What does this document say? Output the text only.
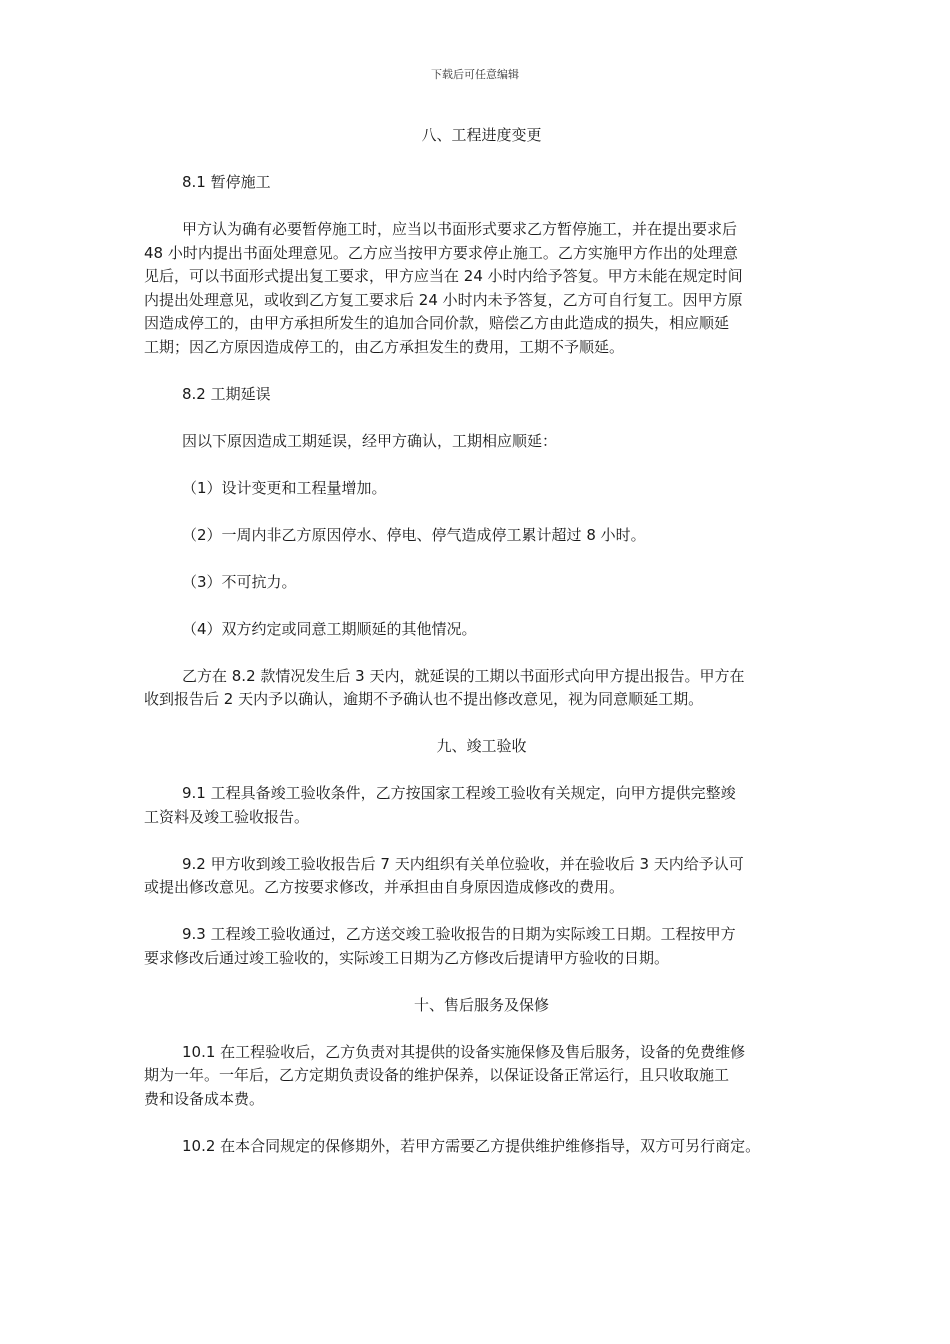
下载后可任意编辑

八、工程进度变更

8.1 暂停施工

甲方认为确有必要暂停施工时，应当以书面形式要求乙方暂停施工，并在提出要求后

48 小时内提出书面处理意见。乙方应当按甲方要求停止施工。乙方实施甲方作出的处理意

见后，可以书面形式提出复工要求，甲方应当在 24 小时内给予答复。甲方未能在规定时间

内提出处理意见，或收到乙方复工要求后 24 小时内未予答复，乙方可自行复工。因甲方原

因造成停工的，由甲方承担所发生的追加合同价款，赔偿乙方由此造成的损失，相应顺延

工期；因乙方原因造成停工的，由乙方承担发生的费用，工期不予顺延。

8.2 工期延误

因以下原因造成工期延误，经甲方确认，工期相应顺延：

（1）设计变更和工程量增加。

（2）一周内非乙方原因停水、停电、停气造成停工累计超过 8 小时。

（3）不可抗力。

（4）双方约定或同意工期顺延的其他情况。

乙方在 8.2 款情况发生后 3 天内，就延误的工期以书面形式向甲方提出报告。甲方在

收到报告后 2 天内予以确认，逾期不予确认也不提出修改意见，视为同意顺延工期。

九、竣工验收

9.1 工程具备竣工验收条件，乙方按国家工程竣工验收有关规定，向甲方提供完整竣

工资料及竣工验收报告。

9.2 甲方收到竣工验收报告后 7 天内组织有关单位验收，并在验收后 3 天内给予认可

或提出修改意见。乙方按要求修改，并承担由自身原因造成修改的费用。

9.3 工程竣工验收通过，乙方送交竣工验收报告的日期为实际竣工日期。工程按甲方

要求修改后通过竣工验收的，实际竣工日期为乙方修改后提请甲方验收的日期。

十、售后服务及保修

10.1 在工程验收后，乙方负责对其提供的设备实施保修及售后服务，设备的免费维修

期为一年。一年后，乙方定期负责设备的维护保养，以保证设备正常运行，且只收取施工

费和设备成本费。

10.2 在本合同规定的保修期外，若甲方需要乙方提供维护维修指导，双方可另行商定。
